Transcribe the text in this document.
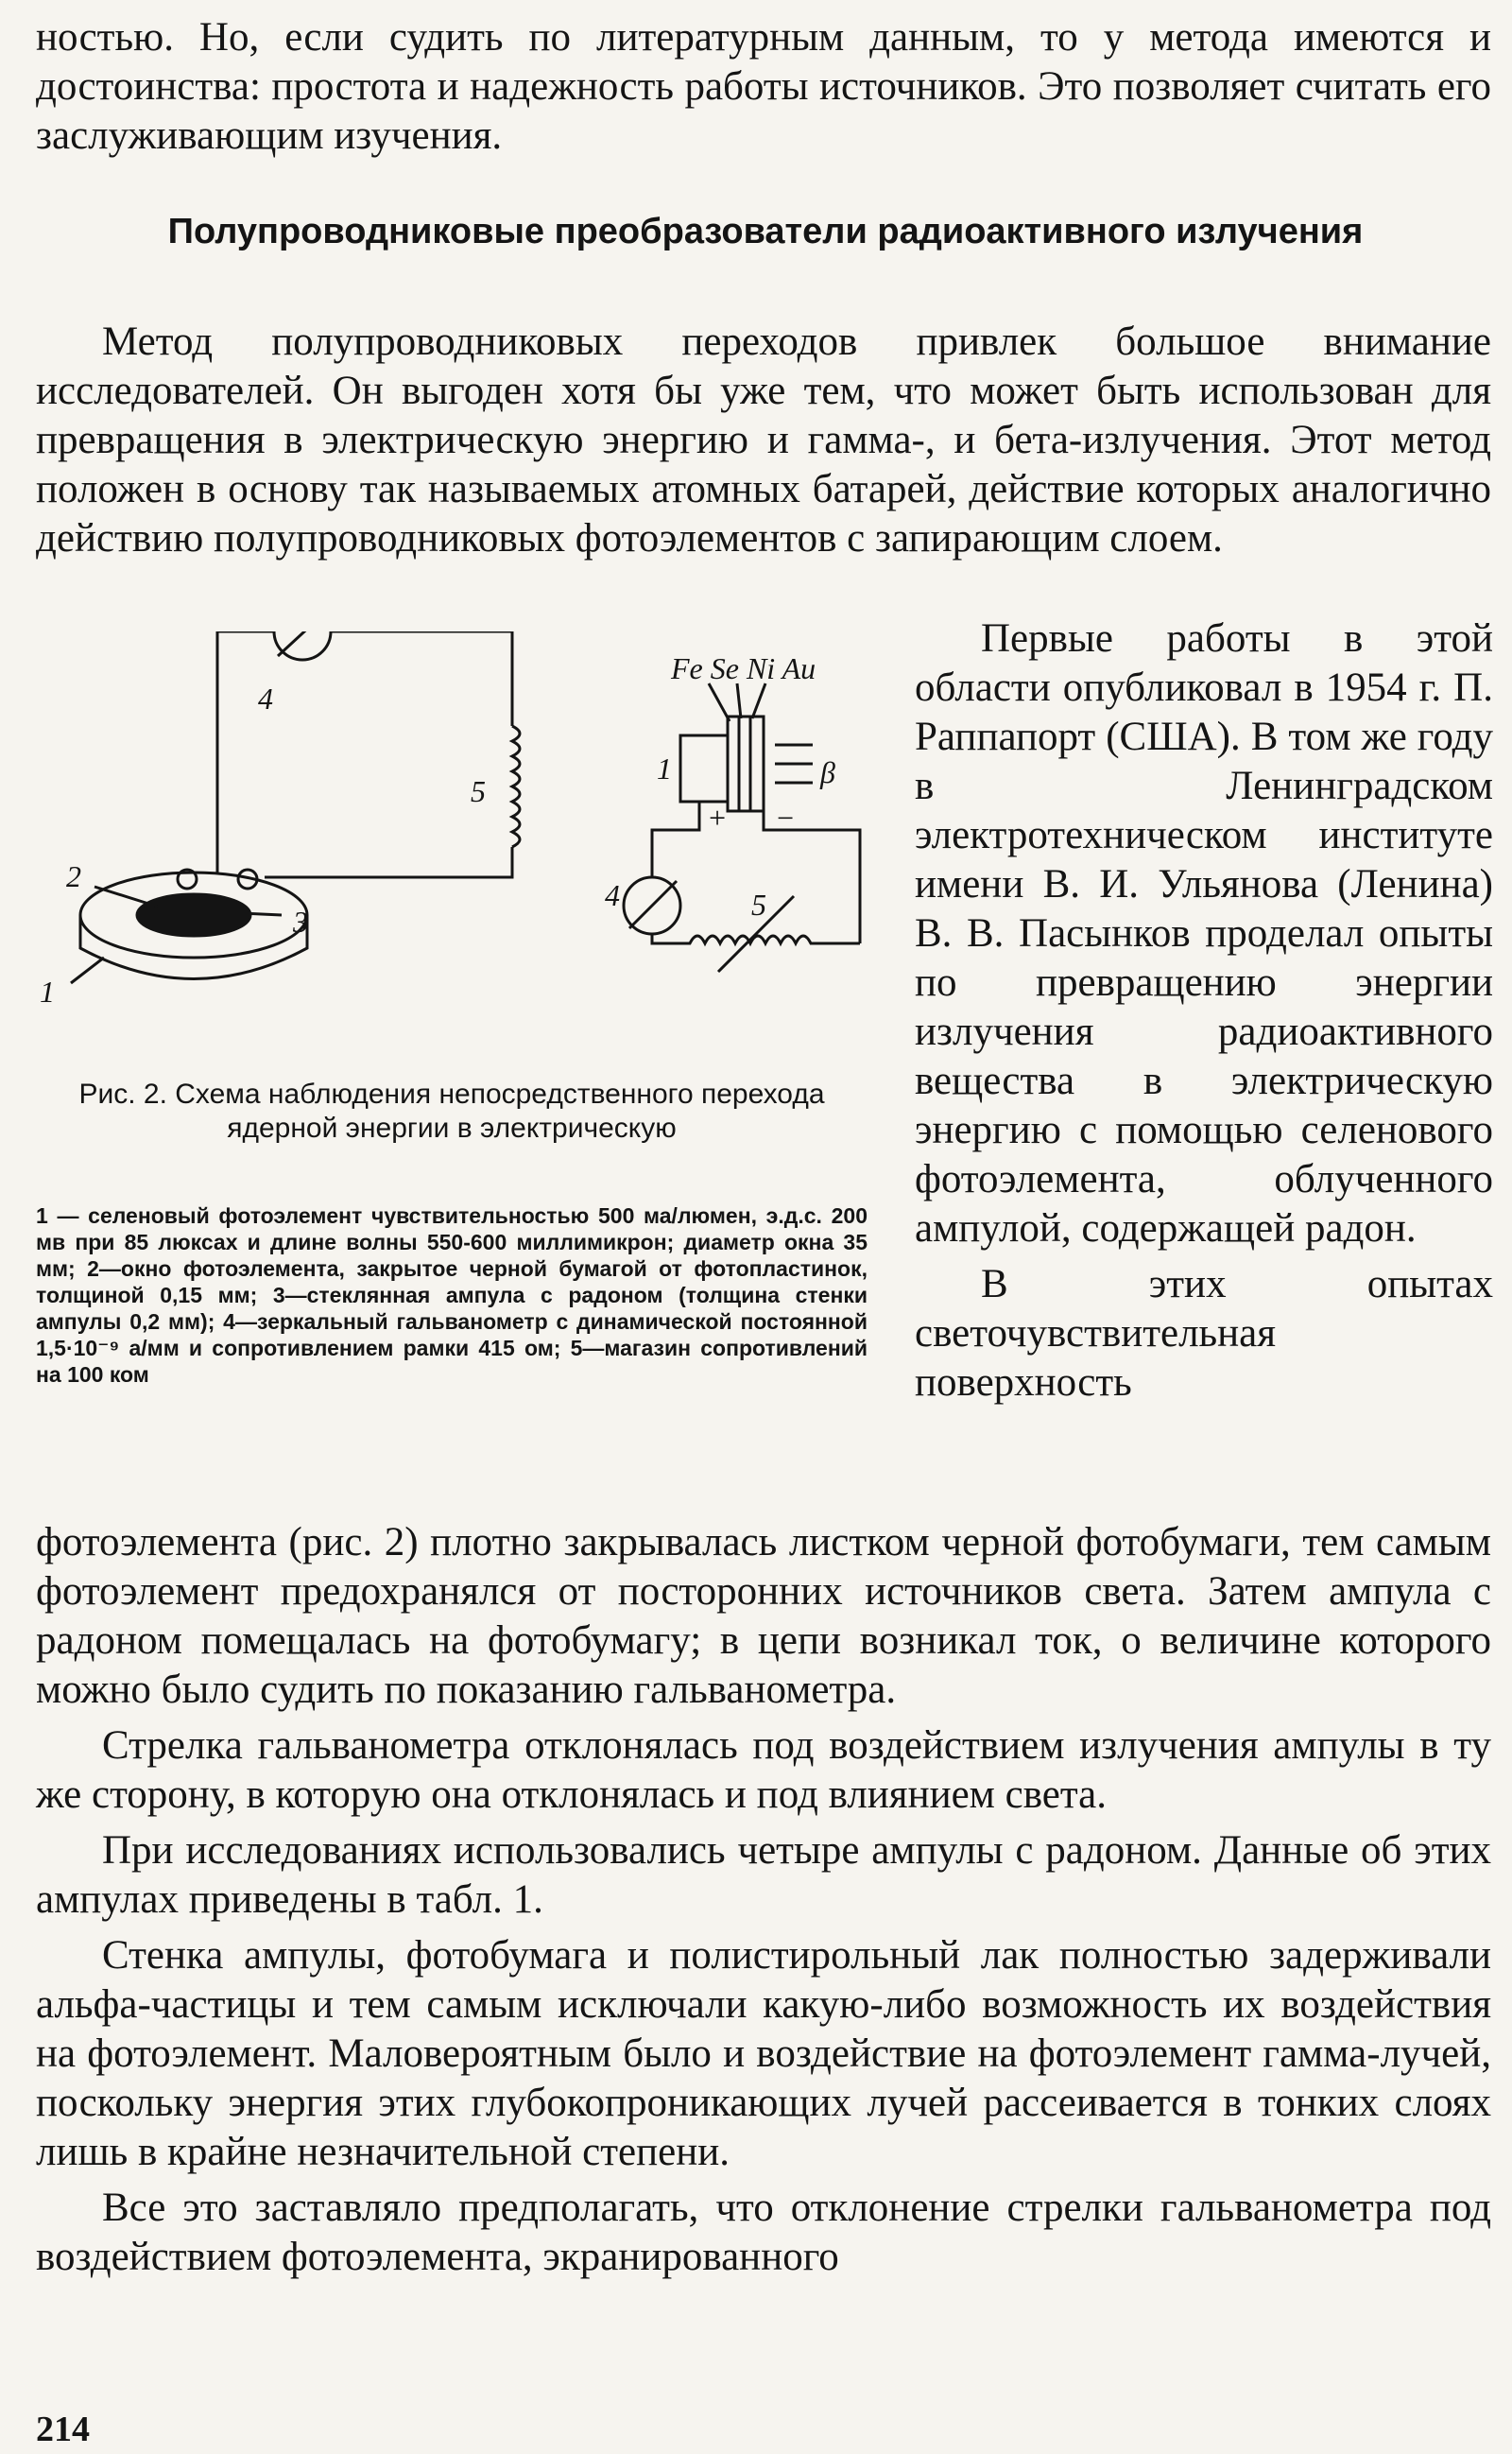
ностью. Но, если судить по литературным данным, то у метода имеются и достоинства: простота и надежность работы источников. Это позволяет считать его заслуживающим изучения.

Полупроводниковые преобразователи радиоактивного излучения

Метод полупроводниковых переходов привлек большое внимание исследователей. Он выгоден хотя бы уже тем, что может быть использован для превращения в электрическую энергию и гамма-, и бета-излучения. Этот метод положен в основу так называемых атомных батарей, действие которых аналогично действию полупроводниковых фотоэлементов с запирающим слоем.

4
5
2
3
1
Fe Se Ni Au
1	β
+ −
4	5
Рис. 2. Схема наблюдения непосредственного перехода ядерной энергии в электрическую
1 — селеновый фотоэлемент чувствительностью 500 ма/люмен, э.д.с. 200 мв при 85 люксах и длине волны 550-600 миллимикрон; диаметр окна 35 мм; 2—окно фотоэлемента, закрытое черной бумагой от фотопластинок, толщиной 0,15 мм; 3—стеклянная ампула с радоном (толщина стенки ампулы 0,2 мм); 4—зеркальный гальванометр с динамической постоянной 1,5·10⁻⁹ а/мм и сопротивлением рамки 415 ом; 5—магазин сопротивлений на 100 ком

Первые работы в этой области опубликовал в 1954 г. П. Раппапорт (США). В том же году в Ленинградском электротехническом институте имени В. И. Ульянова (Ленина) В. В. Пасынков проделал опыты по превращению энергии излучения радиоактивного вещества в электрическую энергию с помощью селенового фотоэлемента, облученного ампулой, содержащей радон.

В этих опытах светочувствительная поверхность

фотоэлемента (рис. 2) плотно закрывалась листком черной фотобумаги, тем самым фотоэлемент предохранялся от посторонних источников света. Затем ампула с радоном помещалась на фотобумагу; в цепи возникал ток, о величине которого можно было судить по показанию гальванометра.

Стрелка гальванометра отклонялась под воздействием излучения ампулы в ту же сторону, в которую она отклонялась и под влиянием света.

При исследованиях использовались четыре ампулы с радоном. Данные об этих ампулах приведены в табл. 1.

Стенка ампулы, фотобумага и полистирольный лак полностью задерживали альфа-частицы и тем самым исключали какую-либо возможность их воздействия на фотоэлемент. Маловероятным было и воздействие на фотоэлемент гамма-лучей, поскольку энергия этих глубокопроникающих лучей рассеивается в тонких слоях лишь в крайне незначительной степени.

Все это заставляло предполагать, что отклонение стрелки гальванометра под воздействием фотоэлемента, экранированного

214
